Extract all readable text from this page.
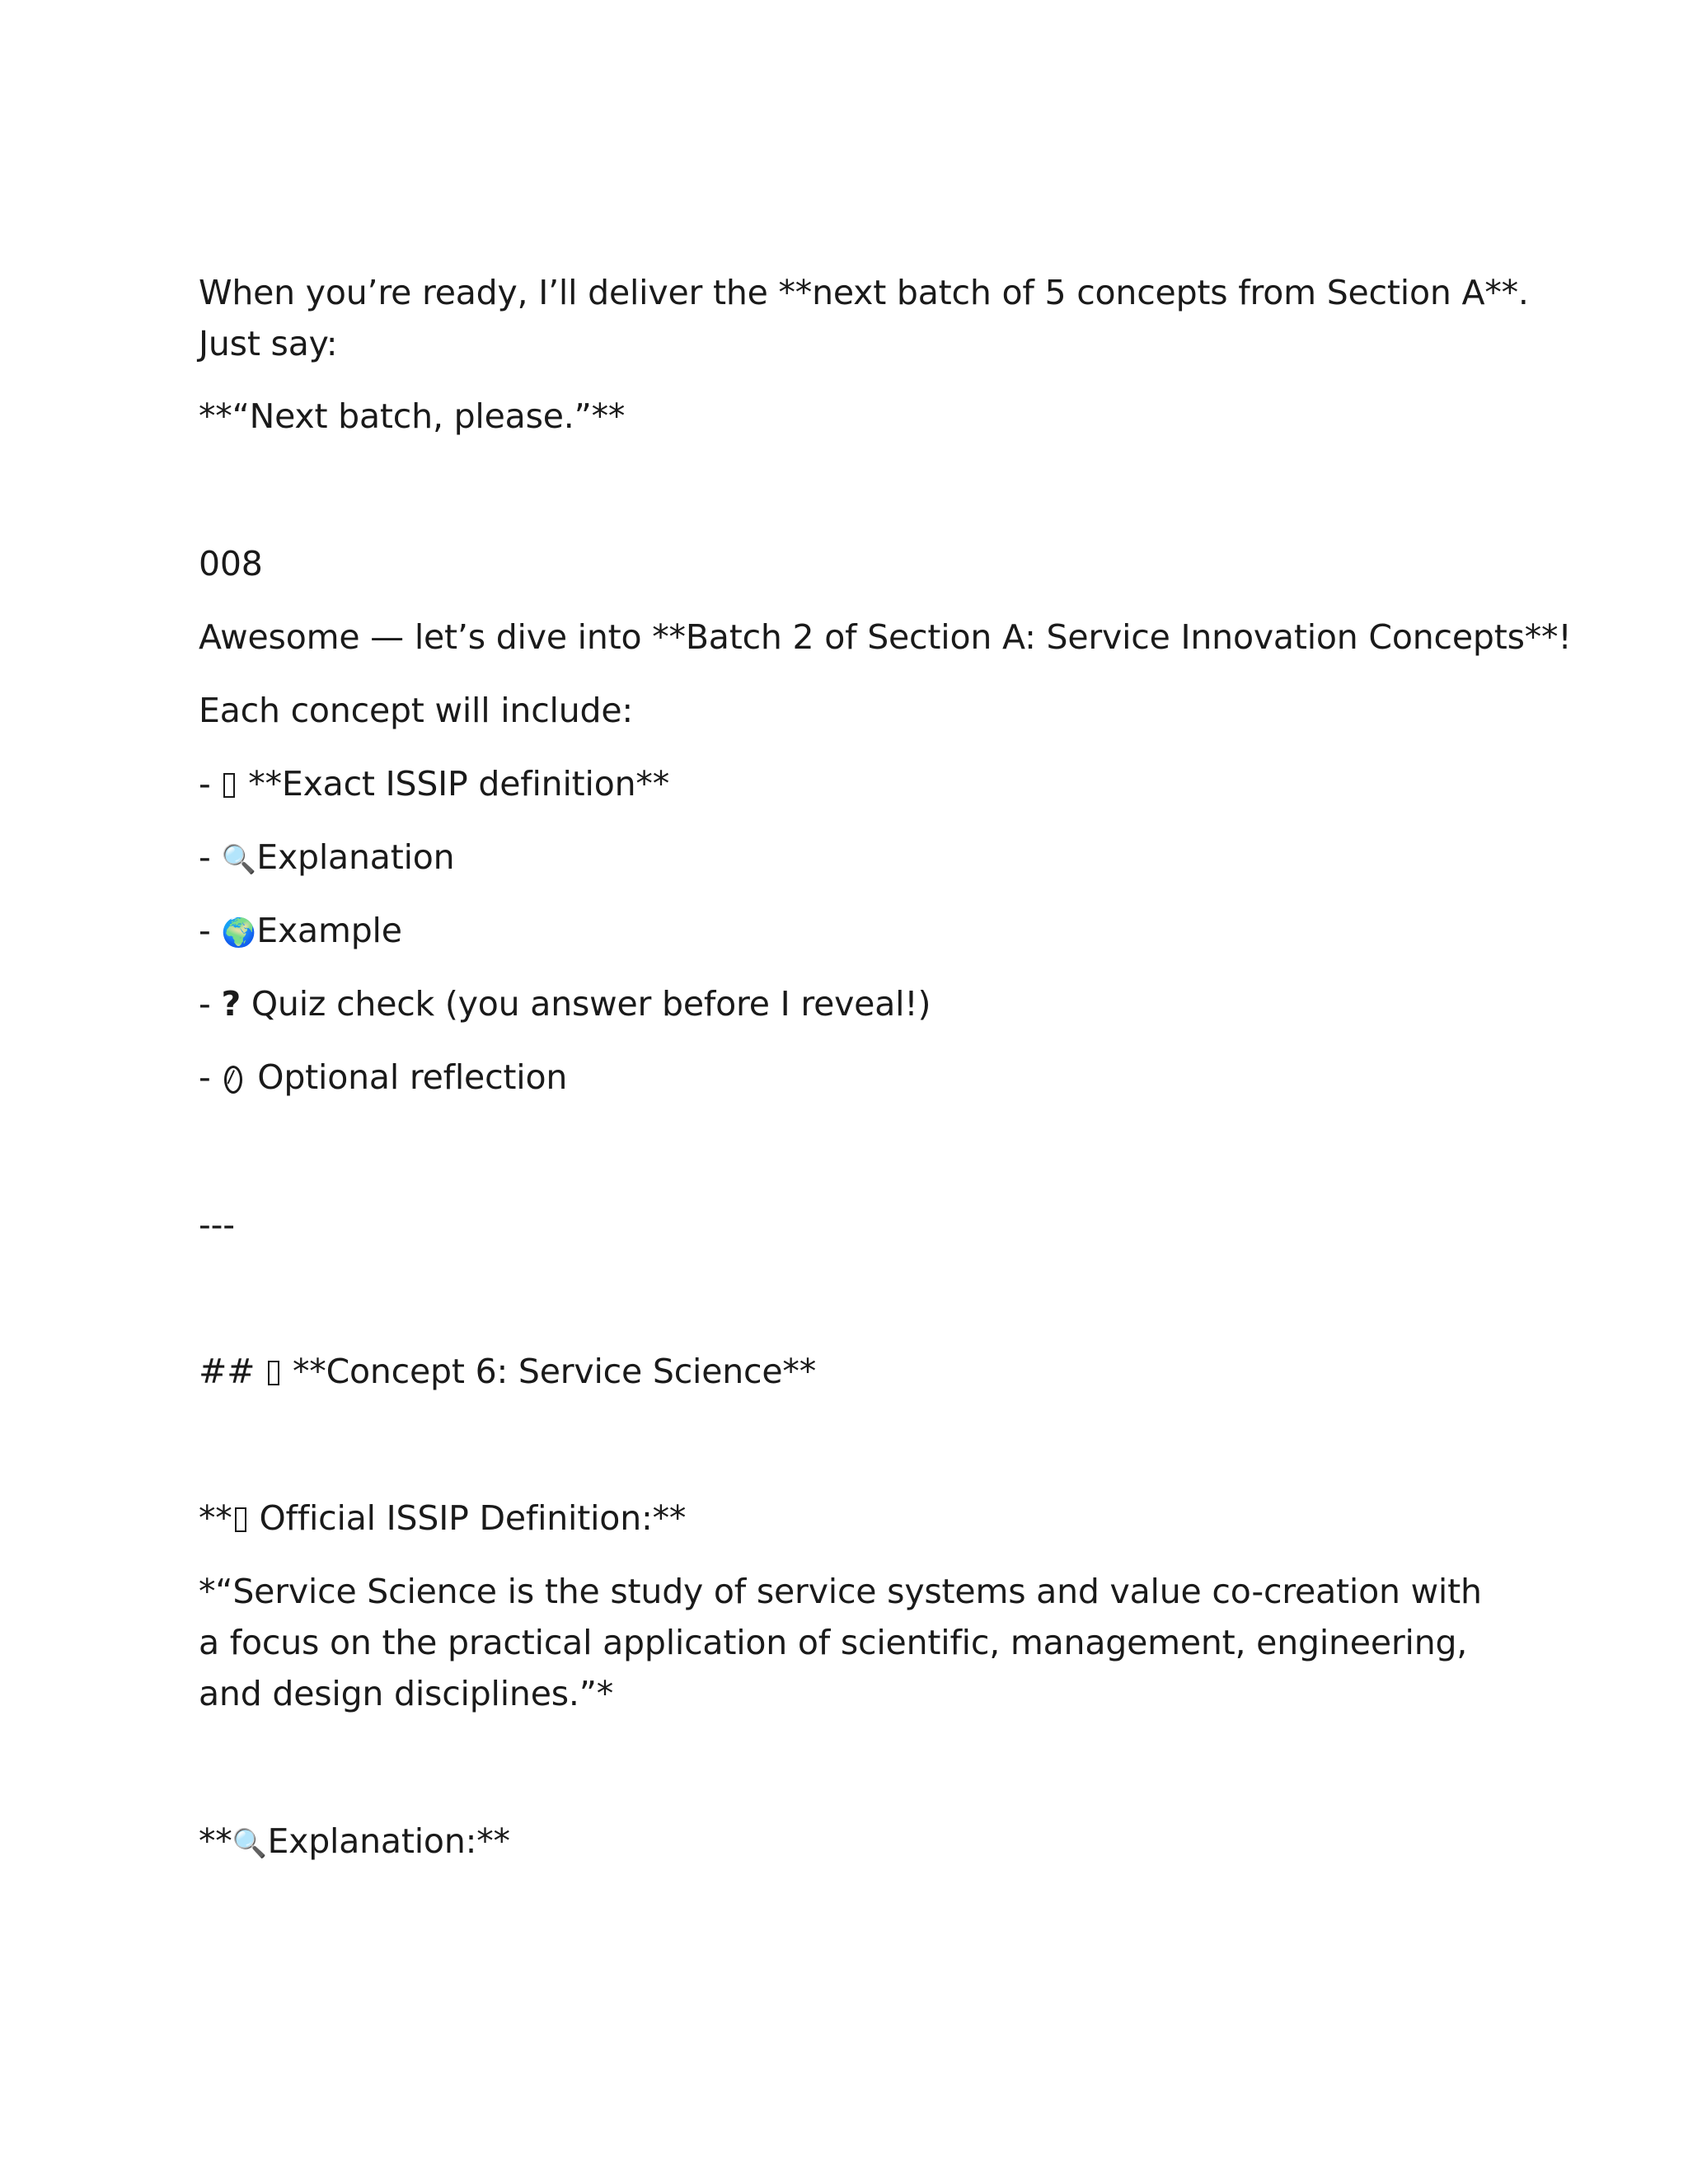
When you’re ready, I’ll deliver the **next batch of 5 concepts from Section A**.
Just say:
**“Next batch, please.”**
008
Awesome — let’s dive into **Batch 2 of Section A: Service Innovation Concepts**!
Each concept will include:
-  **Exact ISSIP definition**
- 🔍 Explanation
- 🌍 Example
- ? Quiz check (you answer before I reveal!)
-  Optional reflection
---
##  **Concept 6: Service Science**
** Official ISSIP Definition:**
*“Service Science is the study of service systems and value co-creation with a focus on the practical application of scientific, management, engineering, and design disciplines.”*
**🔍 Explanation:**
